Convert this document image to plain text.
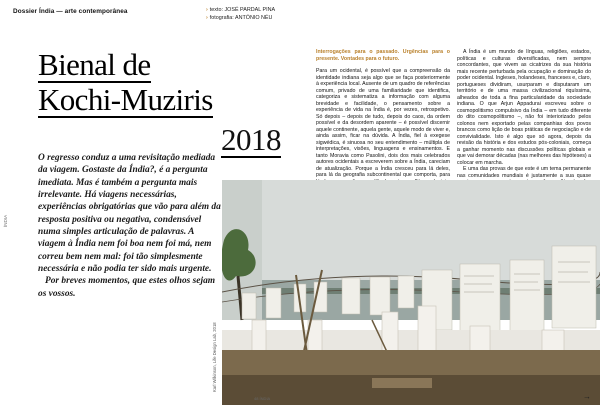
Dossier Índia — arte contemporânea	› texto: JOSÉ PARDAL PINA
› fotografia: ANTÓNIO NÉU
ÍNDIA
Bienal de
Kochi-Muziris
2018

O regresso conduz a uma revisitação mediada da viagem. Gostaste da Índia?, é a pergunta imediata. Mas é também a pergunta mais irrelevante. Há viagens necessárias, experiências obrigatórias que vão para além da resposta positiva ou negativa, condensável numa simples articulação de palavras. A viagem à Índia nem foi boa nem foi má, nem correu bem nem mal: foi tão simplesmente necessária e não podia ter sido mais urgente.

Por breves momentos, que estes olhos sejam os vossos.

Interrogações para o passado. Urgências para o presente. Vontades para o futuro.

Para um ocidental, é possível que a compreensão da identidade indiana seja algo que se faça posteriormente à experiência local. Ausente de um quadro de referências comum, privado de uma familiaridade que identifica, categoriza e sistematiza a informação com alguma brevidade e facilidade, o pensamento sobre a experiência de vida na Índia é, por vezes, retrospetivo. Só depois – depois de tudo, depois do caos, da ordem possível e da desordem aparente – é possível discernir aquele continente, aquela gente, aquele modo de viver e, ainda assim, ficar na dúvida. A Índia, fiel à exegese sigwédica, é sinuosa no seu entendimento – múltipla de interpretações, visões, linguagens e ensinamentos. E tanto Moravia como Pasolini, dois dos mais celebrados autores ocidentais a escreverem sobre a Índia, careciam de atualização. Porque a Índia cresceu para lá deles, para lá da geografia subcontinental que comporta, para

A Índia é um mundo de línguas, religiões, estados, políticas e culturas diversificadas, nem sempre concordantes, que vivem as cicatrizes da sua história mais recente perturbada pela ocupação e dominação do poder ocidental. Ingleses, holandeses, franceses e, claro, portugueses dividiram, usurparam e disputaram um território e de uma massa civilizacional riquíssima, alheados de toda a fina particularidade da sociedade indiana. O que Arjun Appadurai escreveu sobre o cosmopolitismo compulsivo da Índia – em tudo diferente do dito cosmopolitismo –, não foi interiorizado pelos colonos nem exportado pelas companhias dos povos brancos como lição de boas práticas de negociação e de convivialidade. Isto é algo que só agora, depois da revisão da história e dos estudos pós-coloniais, começa a ganhar momento nas discussões políticas globais e que vai demorar décadas (nas melhores das hipóteses) a colocar em marcha.

E uma das provas de que este é um tema permanente nas comunidades mundiais é justamente a sua quase

Karl Wilkinson, Life Design Lab, 2018
48 ÍNDIA	→
